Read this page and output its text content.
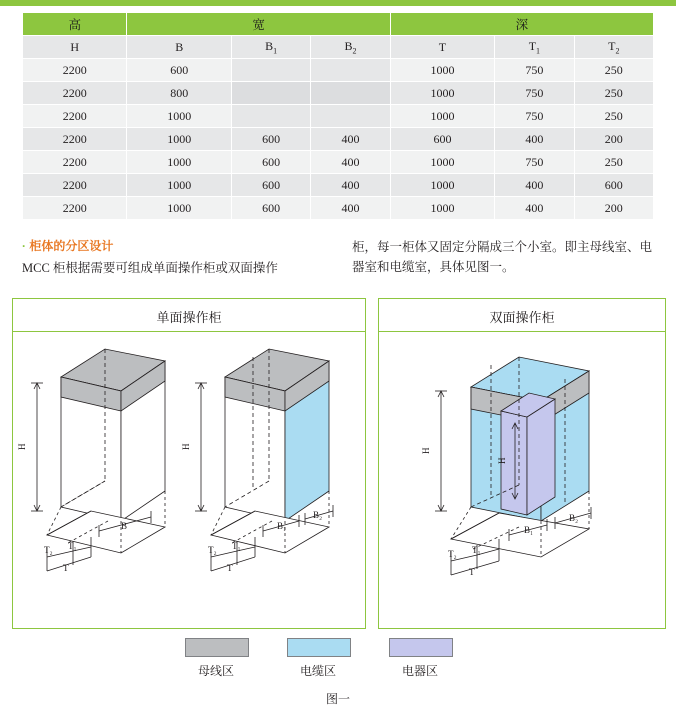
高	宽			深		
H	B	$B_1$	$B_2$	T	$T_1$	$T_2$
2200	600			1000	750	250
2200	800			1000	750	250
2200	1000			1000	750	250
2200	1000	600	400	600	400	200
2200	1000	600	400	1000	750	250
2200	1000	600	400	1000	400	600
2200	1000	600	400	1000	400	200
· 柜体的分区设计
MCC 柜根据需要可组成单面操作柜或双面操作
柜，每一柜体又固定分隔成三个小室。即主母线室、电器室和电缆室，具体见图一。
单面操作柜
H
T₂ T₁
T
B
H
T₂ T₁
T
B₁
B₂
双面操作柜
H
H
T₂ T₁
T
B₁
B₂
母线区	电缆区	电器区
图一
